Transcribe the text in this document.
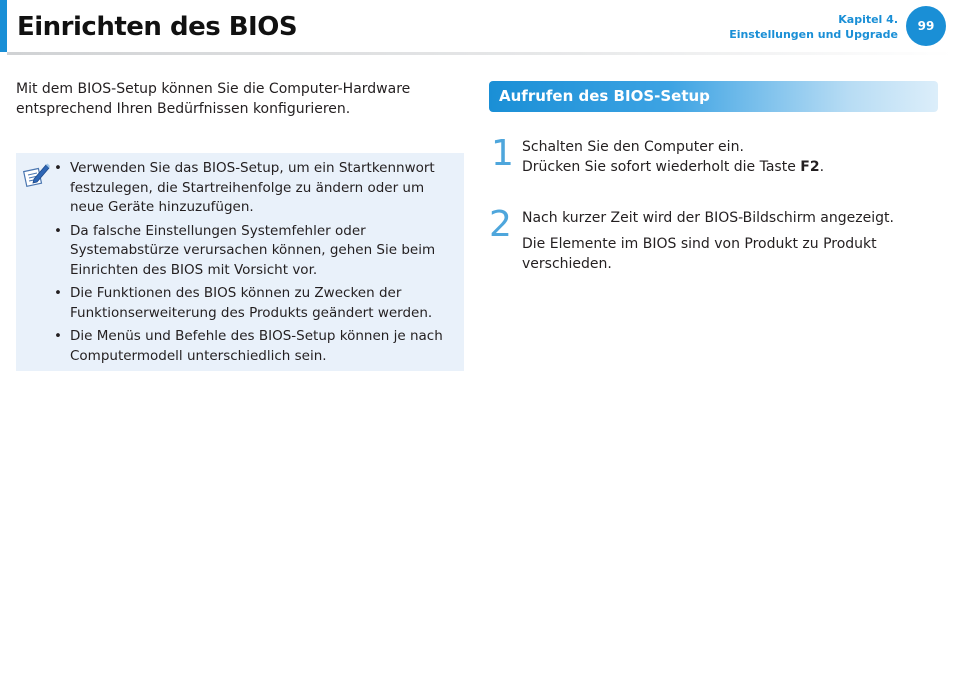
Einrichten des BIOS	Kapitel 4.
Einstellungen und Upgrade
99

Mit dem BIOS-Setup können Sie die Computer-Hardware
entsprechend Ihren Bedürfnissen konfigurieren.

• Verwenden Sie das BIOS-Setup, um ein Startkennwort festzulegen, die Startreihenfolge zu ändern oder um neue Geräte hinzuzufügen.
• Da falsche Einstellungen Systemfehler oder Systemabstürze verursachen können, gehen Sie beim Einrichten des BIOS mit Vorsicht vor.
• Die Funktionen des BIOS können zu Zwecken der Funktionserweiterung des Produkts geändert werden.
• Die Menüs und Befehle des BIOS-Setup können je nach Computermodell unterschiedlich sein.
Aufrufen des BIOS-Setup
1 Schalten Sie den Computer ein.
Drücken Sie sofort wiederholt die Taste F2.

2 Nach kurzer Zeit wird der BIOS-Bildschirm angezeigt.

Die Elemente im BIOS sind von Produkt zu Produkt verschieden.
